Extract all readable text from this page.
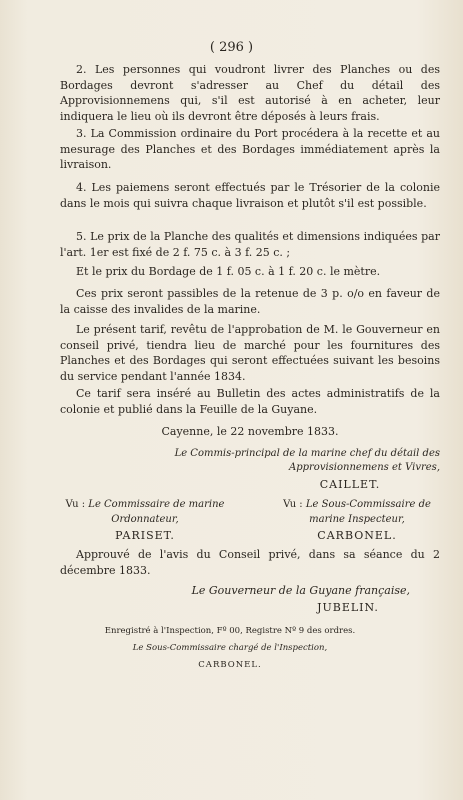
( 296 )

2. Les personnes qui voudront livrer des Planches ou des Bordages devront s'adresser au Chef du détail des Approvisionnemens qui, s'il est autorisé à en acheter, leur indiquera le lieu où ils devront être déposés à leurs frais.

3. La Commission ordinaire du Port procédera à la recette et au mesurage des Planches et des Bordages immédiatement après la livraison.

4. Les paiemens seront effectués par le Trésorier de la colonie dans le mois qui suivra chaque livraison et plutôt s'il est possible.

5. Le prix de la Planche des qualités et dimensions indiquées par l'art. 1er est fixé de 2 f. 75 c. à 3 f. 25 c. ;

Et le prix du Bordage de 1 f. 05 c. à 1 f. 20 c. le mètre.

Ces prix seront passibles de la retenue de 3 p. o/o en faveur de la caisse des invalides de la marine.

Le présent tarif, revêtu de l'approbation de M. le Gouverneur en conseil privé, tiendra lieu de marché pour les fournitures des Planches et des Bordages qui seront effectuées suivant les besoins du service pendant l'année 1834.

Ce tarif sera inséré au Bulletin des actes administratifs de la colonie et publié dans la Feuille de la Guyane.

Cayenne, le 22 novembre 1833.
Le Commis-principal de la marine chef du détail des Approvisionnemens et Vivres,
CAILLET.
Vu : Le Commissaire de marine Ordonnateur,
PARISET.
Vu : Le Sous-Commissaire de marine Inspecteur,
CARBONEL.

Approuvé de l'avis du Conseil privé, dans sa séance du 2 décembre 1833.

Le Gouverneur de la Guyane française,
JUBELIN.
Enregistré à l'Inspection, Fº 00, Registre Nº 9 des ordres.
Le Sous-Commissaire chargé de l'Inspection,
CARBONEL.
